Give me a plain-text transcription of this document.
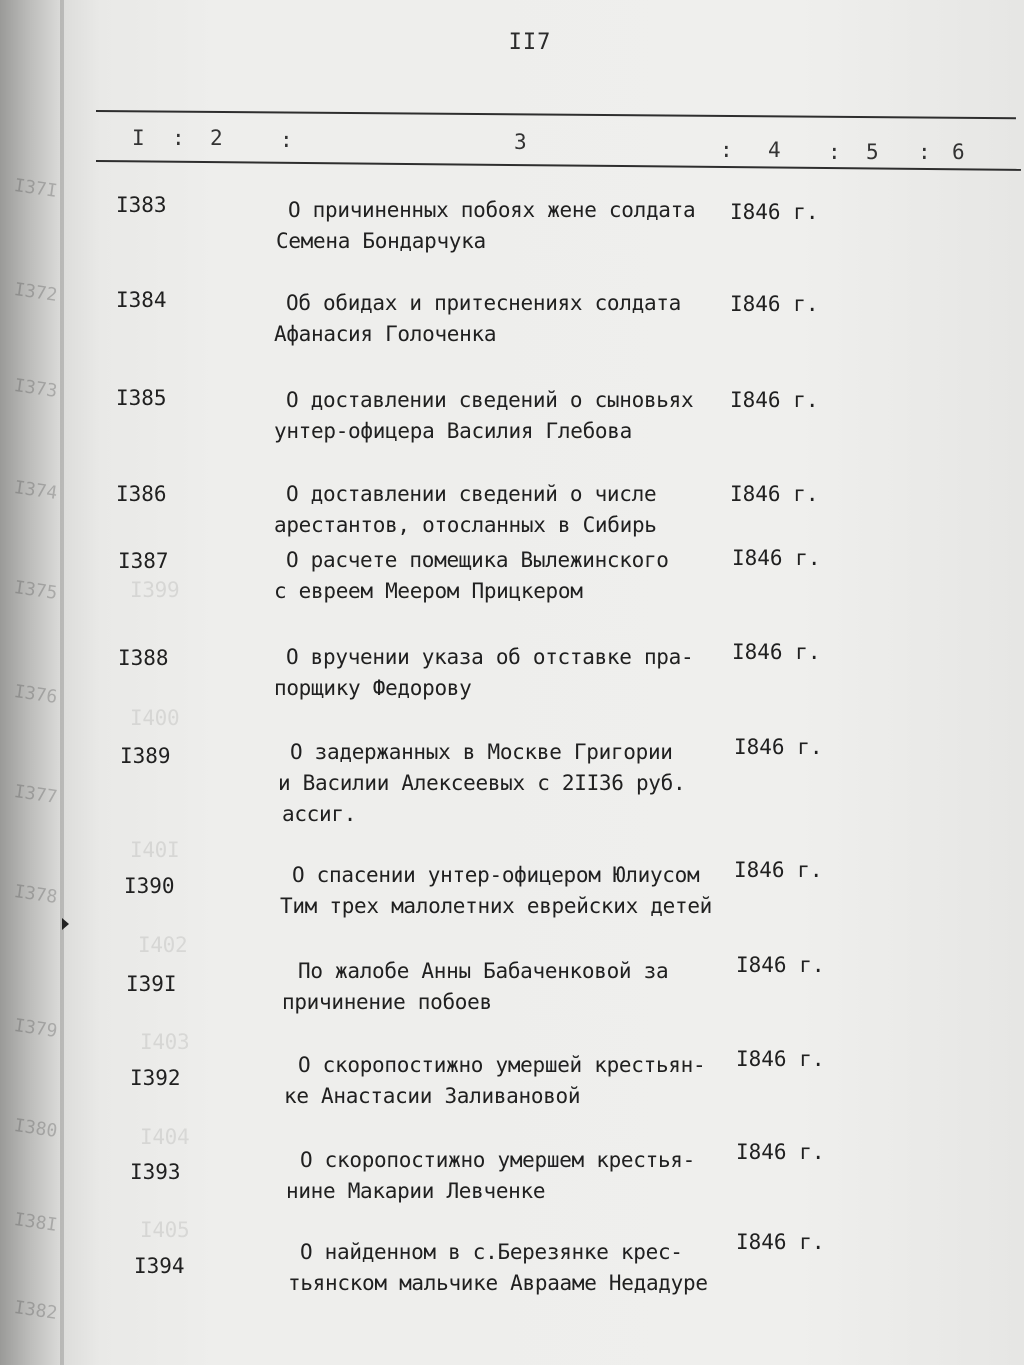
I399
I400
I40I
I402
I403
I404
I405
I37I
I372
I373
I374
I375
I376
I377
I378
I379
I380
I38I
I382
II7
I : 2	:	3	: 4 : 5 : 6
I383	О причиненных побоях жене солдата
Семена Бондарчука
I846 г.
I384	Об обидах и притеснениях солдата
Афанасия Голоченка
I846 г.
I385	О доставлении сведений о сыновьях
унтер-офицера Василия Глебова
I846 г.
I386	О доставлении сведений о числе
арестантов, отосланных в Сибирь
I846 г.
I387	О расчете помещика Вылежинского
с евреем Меером Прицкером
I846 г.
I388	О вручении указа об отставке пра-
порщику Федорову
I846 г.
I389	О задержанных в Москве Григории
и Василии Алексеевых с 2II36 руб.
ассиг.
I846 г.
I390	О спасении унтер-офицером Юлиусом
Тим трех малолетних еврейских детей
I846 г.
I39I
По жалобе Анны Бабаченковой за
причинение побоев
I846 г.
I392
О скоропостижно умершей крестьян-
ке Анастасии Заливановой
I846 г.
I393	О скоропостижно умершем крестья-
нине Макарии Левченке
I846 г.
I394
О найденном в с.Березянке крес-
тьянском мальчике Аврааме Недадуре
I846 г.
